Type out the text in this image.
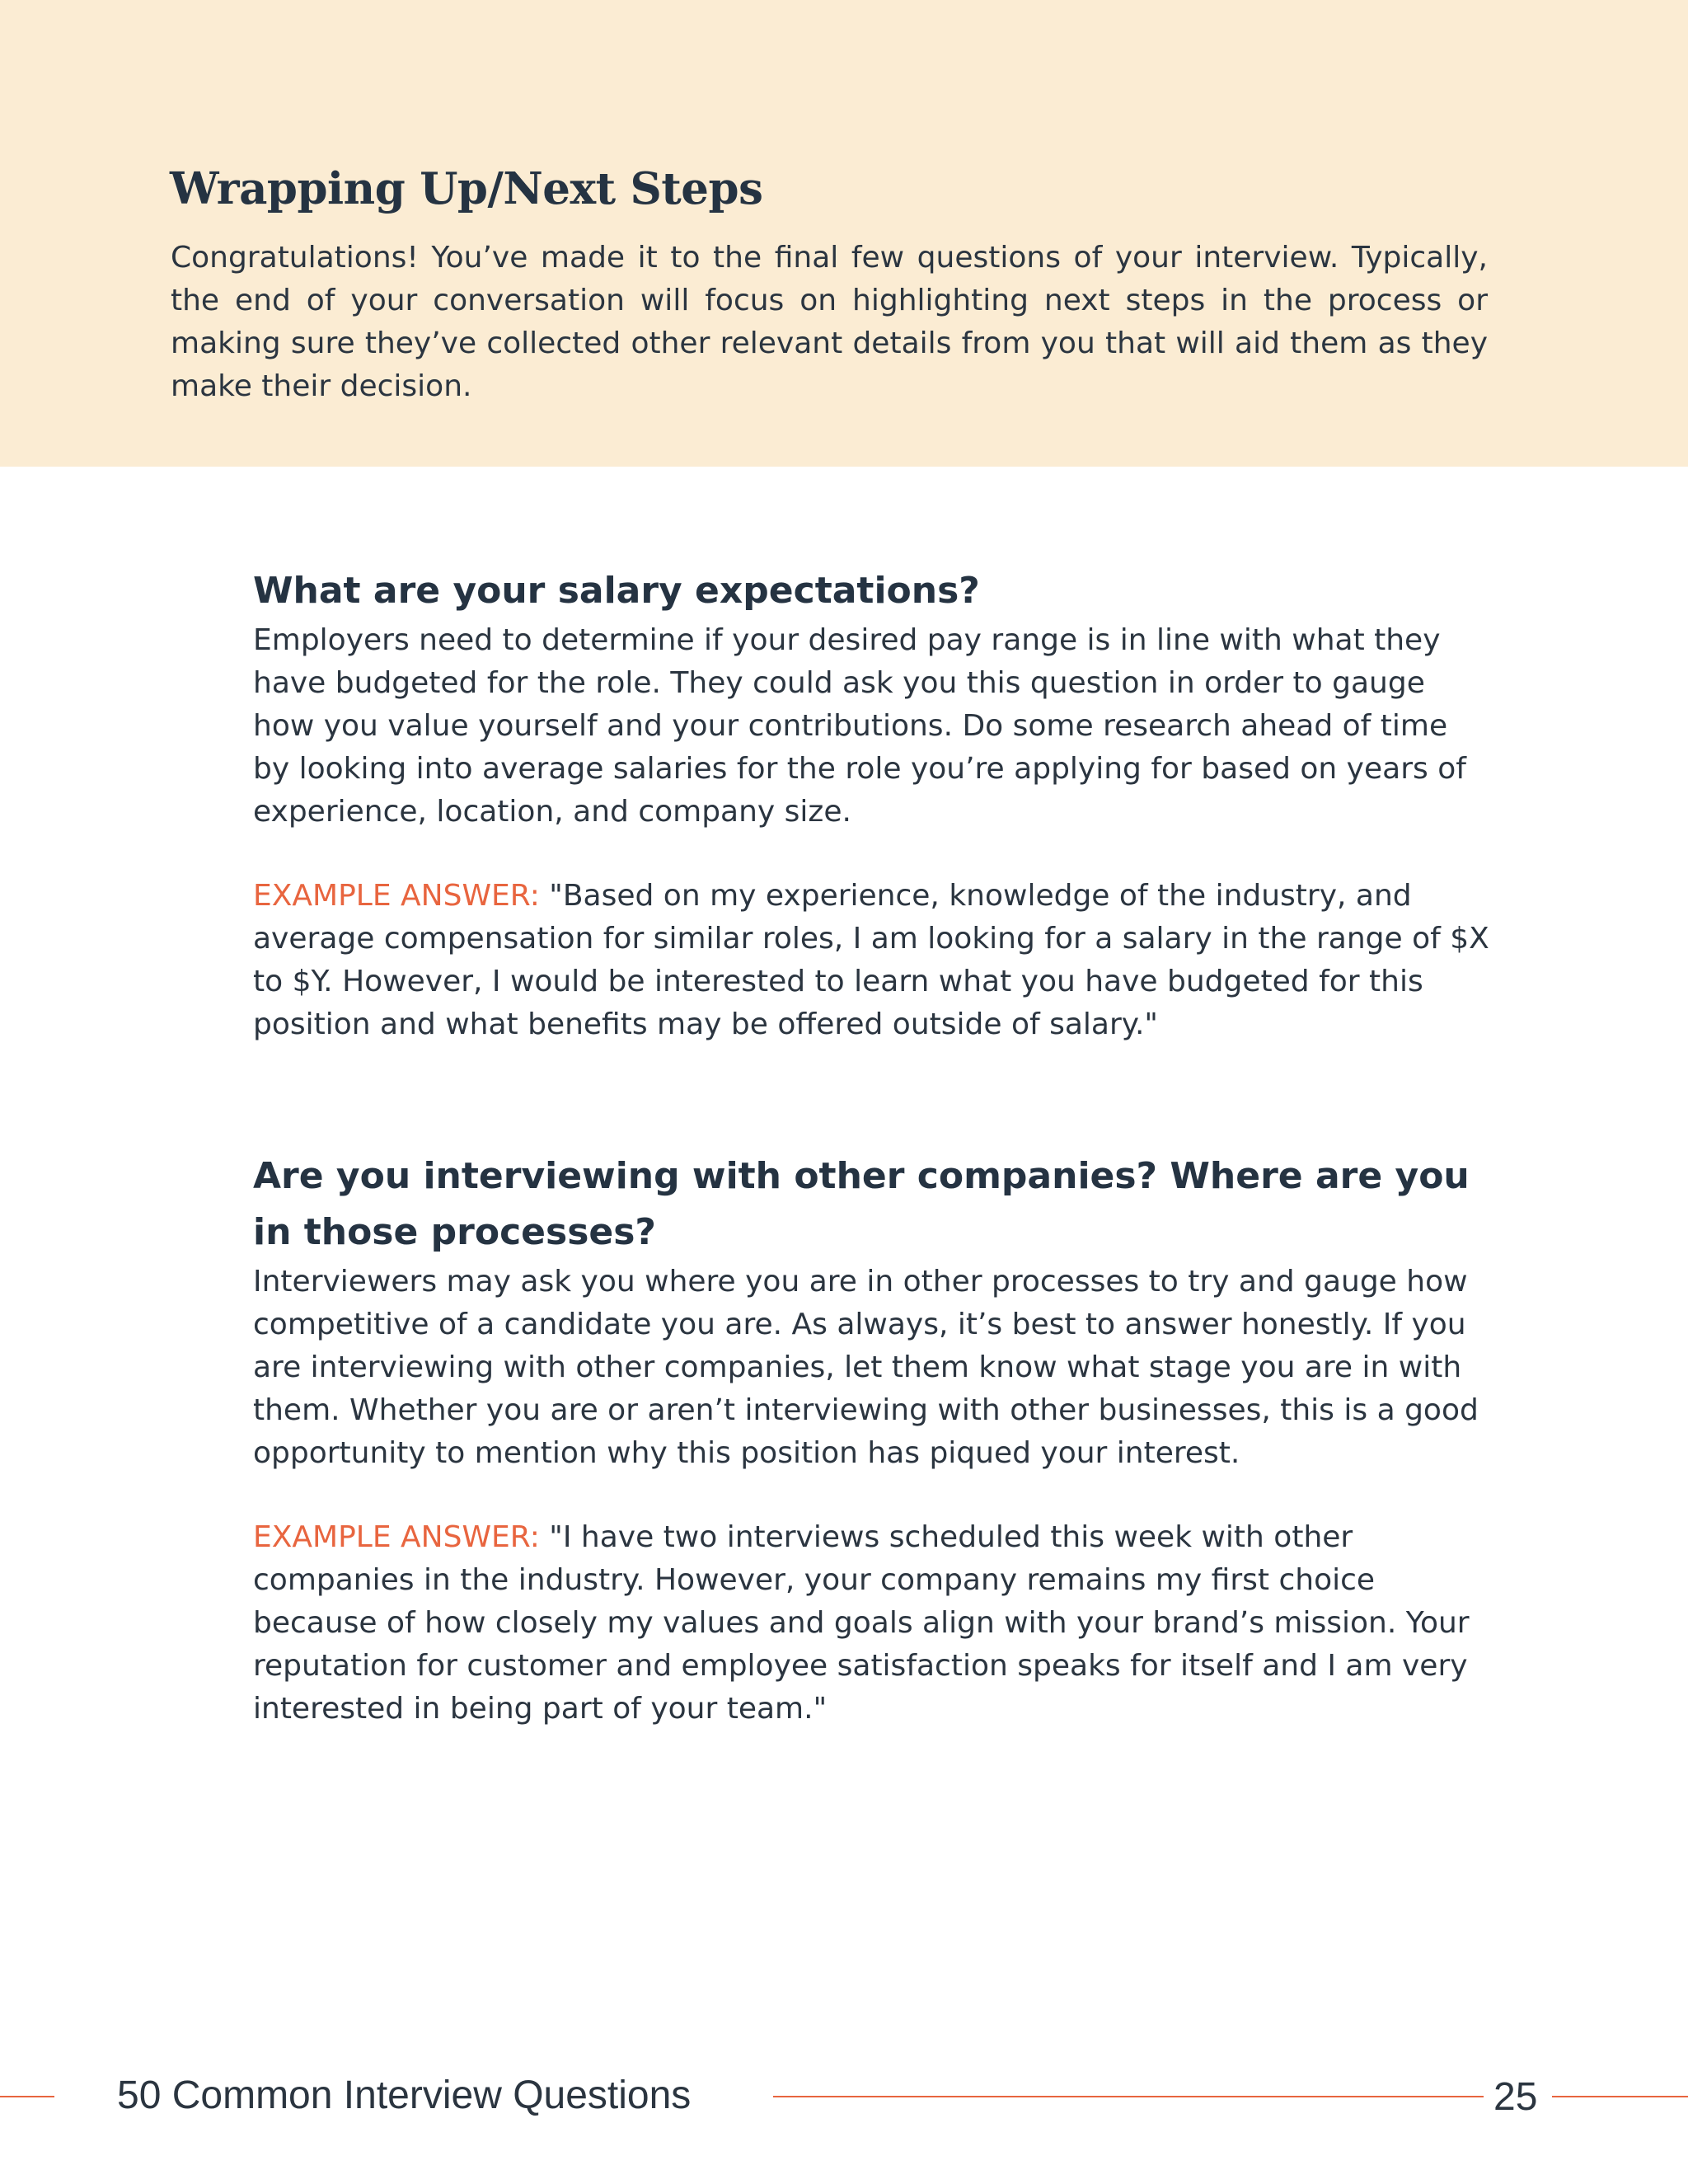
Wrapping Up/Next Steps

Congratulations! You’ve made it to the final few questions of your interview. Typically, the end of your conversation will focus on highlighting next steps in the process or making sure they’ve collected other relevant details from you that will aid them as they make their decision.

What are your salary expectations?

Employers need to determine if your desired pay range is in line with what they have budgeted for the role. They could ask you this question in order to gauge how you value yourself and your contributions. Do some research ahead of time by looking into average salaries for the role you’re applying for based on years of experience, location, and company size.

EXAMPLE ANSWER: "Based on my experience, knowledge of the industry, and average compensation for similar roles, I am looking for a salary in the range of $X to $Y. However, I would be interested to learn what you have budgeted for this position and what benefits may be offered outside of salary."

Are you interviewing with other companies? Where are you in those processes?

Interviewers may ask you where you are in other processes to try and gauge how competitive of a candidate you are. As always, it’s best to answer honestly. If you are interviewing with other companies, let them know what stage you are in with them. Whether you are or aren’t interviewing with other businesses, this is a good opportunity to mention why this position has piqued your interest.

EXAMPLE ANSWER: "I have two interviews scheduled this week with other companies in the industry. However, your company remains my first choice because of how closely my values and goals align with your brand’s mission. Your reputation for customer and employee satisfaction speaks for itself and I am very interested in being part of your team."

50 Common Interview Questions	25
